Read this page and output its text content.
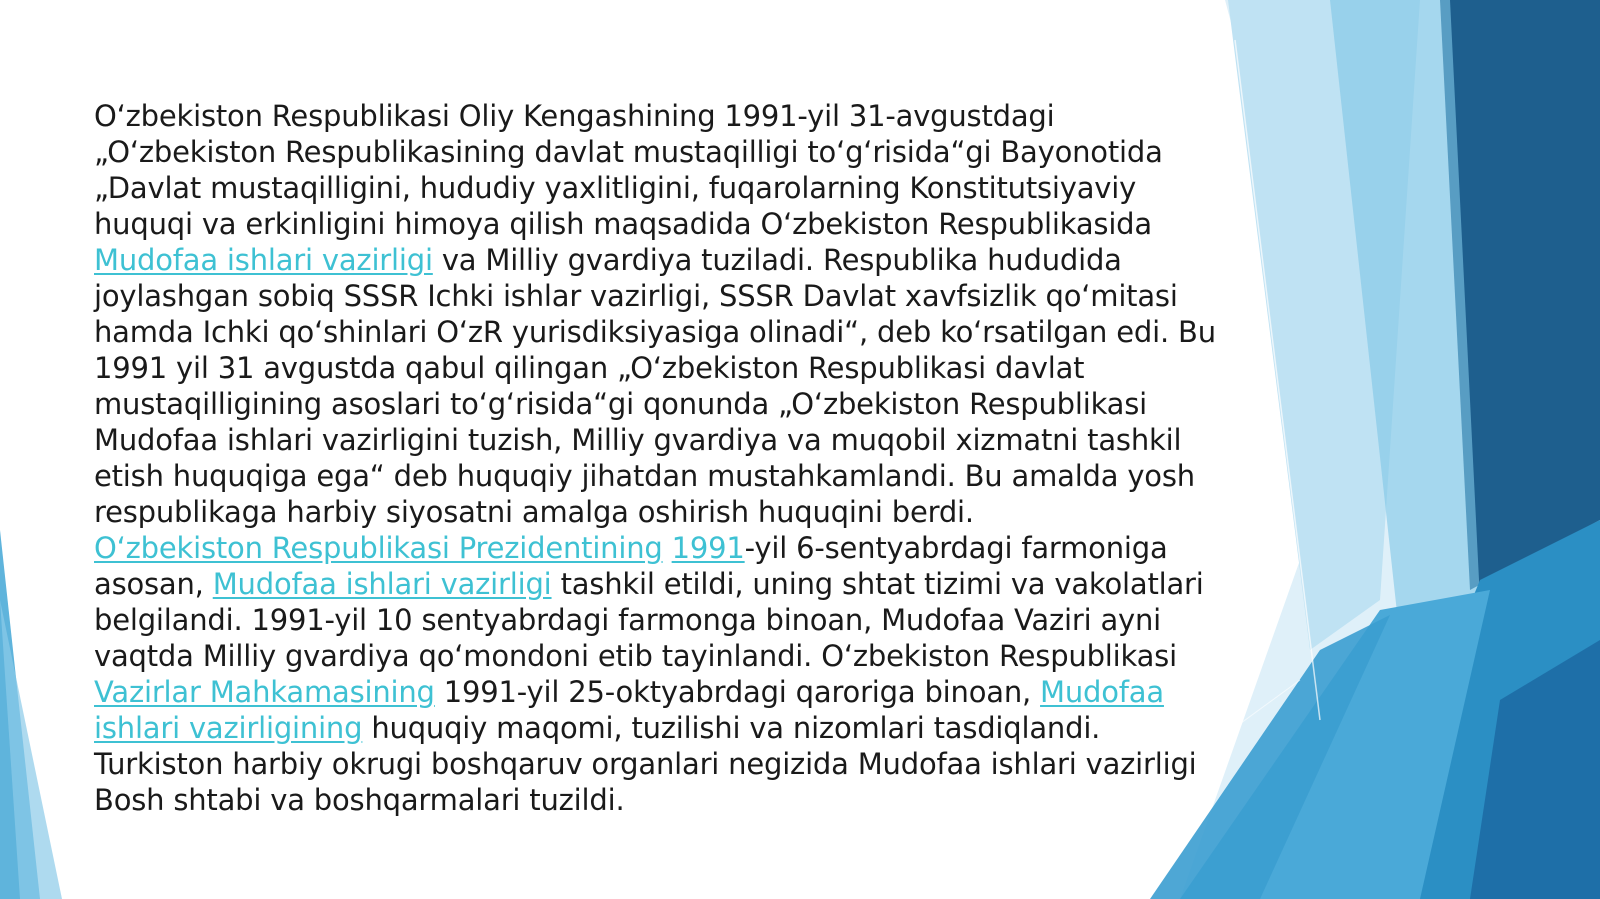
Oʻzbekiston Respublikasi Oliy Kengashining 1991-yil 31-avgustdagi „Oʻzbekiston Respublikasining davlat mustaqilligi toʻgʻrisida“gi Bayonotida „Davlat mustaqilligini, hududiy yaxlitligini, fuqarolarning Konstitutsiyaviy huquqi va erkinligini himoya qilish maqsadida Oʻzbekiston Respublikasida Mudofaa ishlari vazirligi va Milliy gvardiya tuziladi. Respublika hududida joylashgan sobiq SSSR Ichki ishlar vazirligi, SSSR Davlat xavfsizlik qoʻmitasi hamda Ichki qoʻshinlari OʻzR yurisdiksiyasiga olinadi“, deb koʻrsatilgan edi. Bu 1991 yil 31 avgustda qabul qilingan „Oʻzbekiston Respublikasi davlat mustaqilligining asoslari toʻgʻrisida“gi qonunda „Oʻzbekiston Respublikasi Mudofaa ishlari vazirligini tuzish, Milliy gvardiya va muqobil xizmatni tashkil etish huquqiga ega“ deb huquqiy jihatdan mustahkamlandi. Bu amalda yosh respublikaga harbiy siyosatni amalga oshirish huquqini berdi.

Oʻzbekiston Respublikasi Prezidentining 1991-yil 6-sentyabrdagi farmoniga asosan, Mudofaa ishlari vazirligi tashkil etildi, uning shtat tizimi va vakolatlari belgilandi. 1991-yil 10 sentyabrdagi farmonga binoan, Mudofaa Vaziri ayni vaqtda Milliy gvardiya qoʻmondoni etib tayinlandi. Oʻzbekiston Respublikasi Vazirlar Mahkamasining 1991-yil 25-oktyabrdagi qaroriga binoan, Mudofaa ishlari vazirligining huquqiy maqomi, tuzilishi va nizomlari tasdiqlandi. Turkiston harbiy okrugi boshqaruv organlari negizida Mudofaa ishlari vazirligi Bosh shtabi va boshqarmalari tuzildi.
